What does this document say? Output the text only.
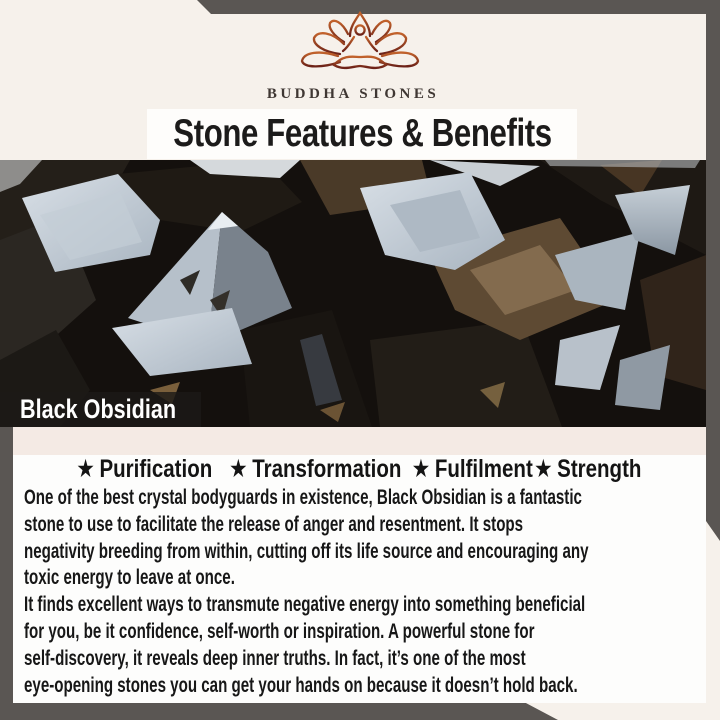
BUDDHA STONES
Stone Features & Benefits
Black Obsidian
★ Purification ★ Transformation ★ Fulfilment ★ Strength
One of the best crystal bodyguards in existence, Black Obsidian is a fantastic
stone to use to facilitate the release of anger and resentment. It stops
negativity breeding from within, cutting off its life source and encouraging any
toxic energy to leave at once.
It finds excellent ways to transmute negative energy into something beneficial
for you, be it confidence, self-worth or inspiration. A powerful stone for
self-discovery, it reveals deep inner truths. In fact, it’s one of the most
eye-opening stones you can get your hands on because it doesn’t hold back.
